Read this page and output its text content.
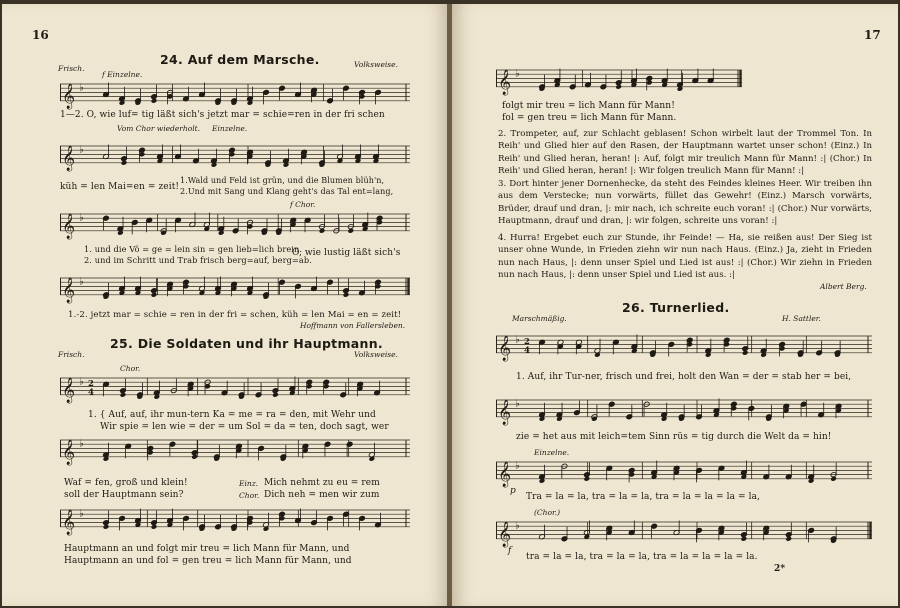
16
24. Auf dem Marsche.
Frisch.	Volksweise.
f Einzelne.
𝄞 ♭
1—2. O, wie luf= tig läßt sich's jetzt mar = schie=ren in der fri schen
Vom Chor wiederholt. Einzelne.
𝄞 ♭
küh = len Mai=en = zeit!
1.Wald und Feld ist grün, und die Blumen blüh'n,
2.Und mit Sang und Klang geht's das Tal ent=lang,
f Chor.
𝄞 ♭
1. und die Vö = ge = lein sin = gen lieb=lich brein.
2. und im Schritt und Trab frisch berg=auf, berg=ab.
O, wie lustig läßt sich's
𝄞 ♭
1.-2. jetzt mar = schie = ren in der fri = schen, küh = len Mai = en = zeit!
Hoffmann von Fallersleben.
25. Die Soldaten und ihr Hauptmann.
Frisch.	Volksweise.
Chor.
𝄞 ♭ 2
4
1. { Auf, auf, ihr mun-tern Ka = me = ra = den, mit Wehr und
Wir spie = len wie = der = um Sol = da = ten, doch sagt, wer
𝄞 ♭
Waf = fen, groß und klein!
soll der Hauptmann sein?
Einz.
Chor.
Mich nehmt zu eu = rem
Dich neh = men wir zum
𝄞 ♭
Hauptmann an und folgt mir treu = lich Mann für Mann, und
Hauptmann an und fol = gen treu = lich Mann für Mann, und
17
𝄞 ♭
folgt mir treu = lich Mann für Mann!
fol = gen treu = lich Mann für Mann.

2. Trompeter, auf, zur Schlacht geblasen! Schon wirbelt laut der Trommel Ton. In Reih' und Glied hier auf den Rasen, der Hauptmann wartet unser schon! (Einz.) In Reih' und Glied heran, heran! |: Auf, folgt mir treulich Mann für Mann! :| (Chor.) In Reih' und Glied heran, heran! |: Wir folgen treulich Mann für Mann! :|

3. Dort hinter jener Dornenhecke, da steht des Feindes kleines Heer. Wir treiben ihn aus dem Verstecke; nun vorwärts, füllet das Gewehr! (Einz.) Marsch vorwärts, Brüder, drauf und dran, |: mir nach, ich schreite euch voran! :| (Chor.) Nur vorwärts, Hauptmann, drauf und dran, |: wir folgen, schreite uns voran! :|

4. Hurra! Ergebet euch zur Stunde, ihr Feinde! — Ha, sie reißen aus! Der Sieg ist unser ohne Wunde, in Frieden ziehn wir nun nach Haus. (Einz.) Ja, zieht in Frieden nun nach Haus, |: denn unser Spiel und Lied ist aus! :| (Chor.) Wir ziehn in Frieden nun nach Haus, |: denn unser Spiel und Lied ist aus. :|

Albert Berg.
26. Turnerlied.
Marschmäßig.	H. Sattler.
𝄞 ♭ 2
4
1. Auf, ihr Tur-ner, frisch und frei, holt den Wan = der = stab her = bei,
𝄞 ♭
zie = het aus mit leich=tem Sinn rüs = tig durch die Welt da = hin!
Einzelne.
𝄞 ♭
p
Tra = la = la, tra = la = la, tra = la = la = la = la,
(Chor.)
𝄞 ♭
f
tra = la = la, tra = la = la, tra = la = la = la = la.
2*
